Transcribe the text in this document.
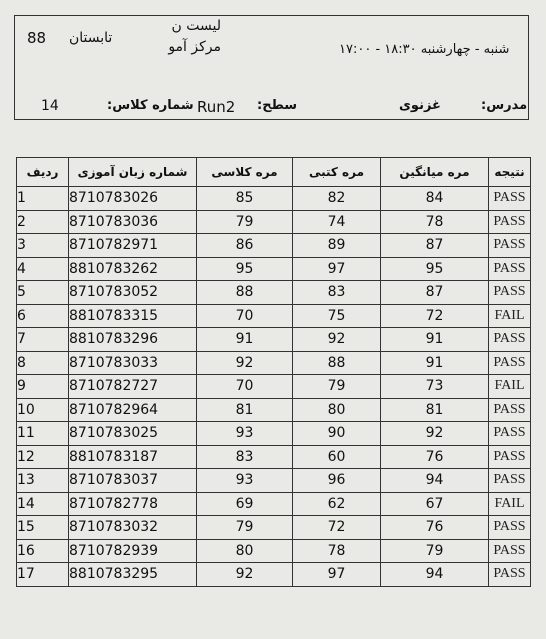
88 تابستان
لیست ن
مرکز آمو	شنبه - چهارشنبه ۱۸:۳۰ - ۱۷:۰۰
14	شماره کلاس: Run2 سطح:	غزنوی	مدرس:
ردیف	شماره زبان آموزی	مره کلاسی	مره کتبی	مره میانگین	نتیجه
1	8710783026	85	82	84	PASS
2	8710783036	79	74	78	PASS
3	8710782971	86	89	87	PASS
4	8810783262	95	97	95	PASS
5	8710783052	88	83	87	PASS
6	8810783315	70	75	72	FAIL
7	8810783296	91	92	91	PASS
8	8710783033	92	88	91	PASS
9	8710782727	70	79	73	FAIL
10	8710782964	81	80	81	PASS
11	8710783025	93	90	92	PASS
12	8810783187	83	60	76	PASS
13	8710783037	93	96	94	PASS
14	8710782778	69	62	67	FAIL
15	8710783032	79	72	76	PASS
16	8710782939	80	78	79	PASS
17	8810783295	92	97	94	PASS
